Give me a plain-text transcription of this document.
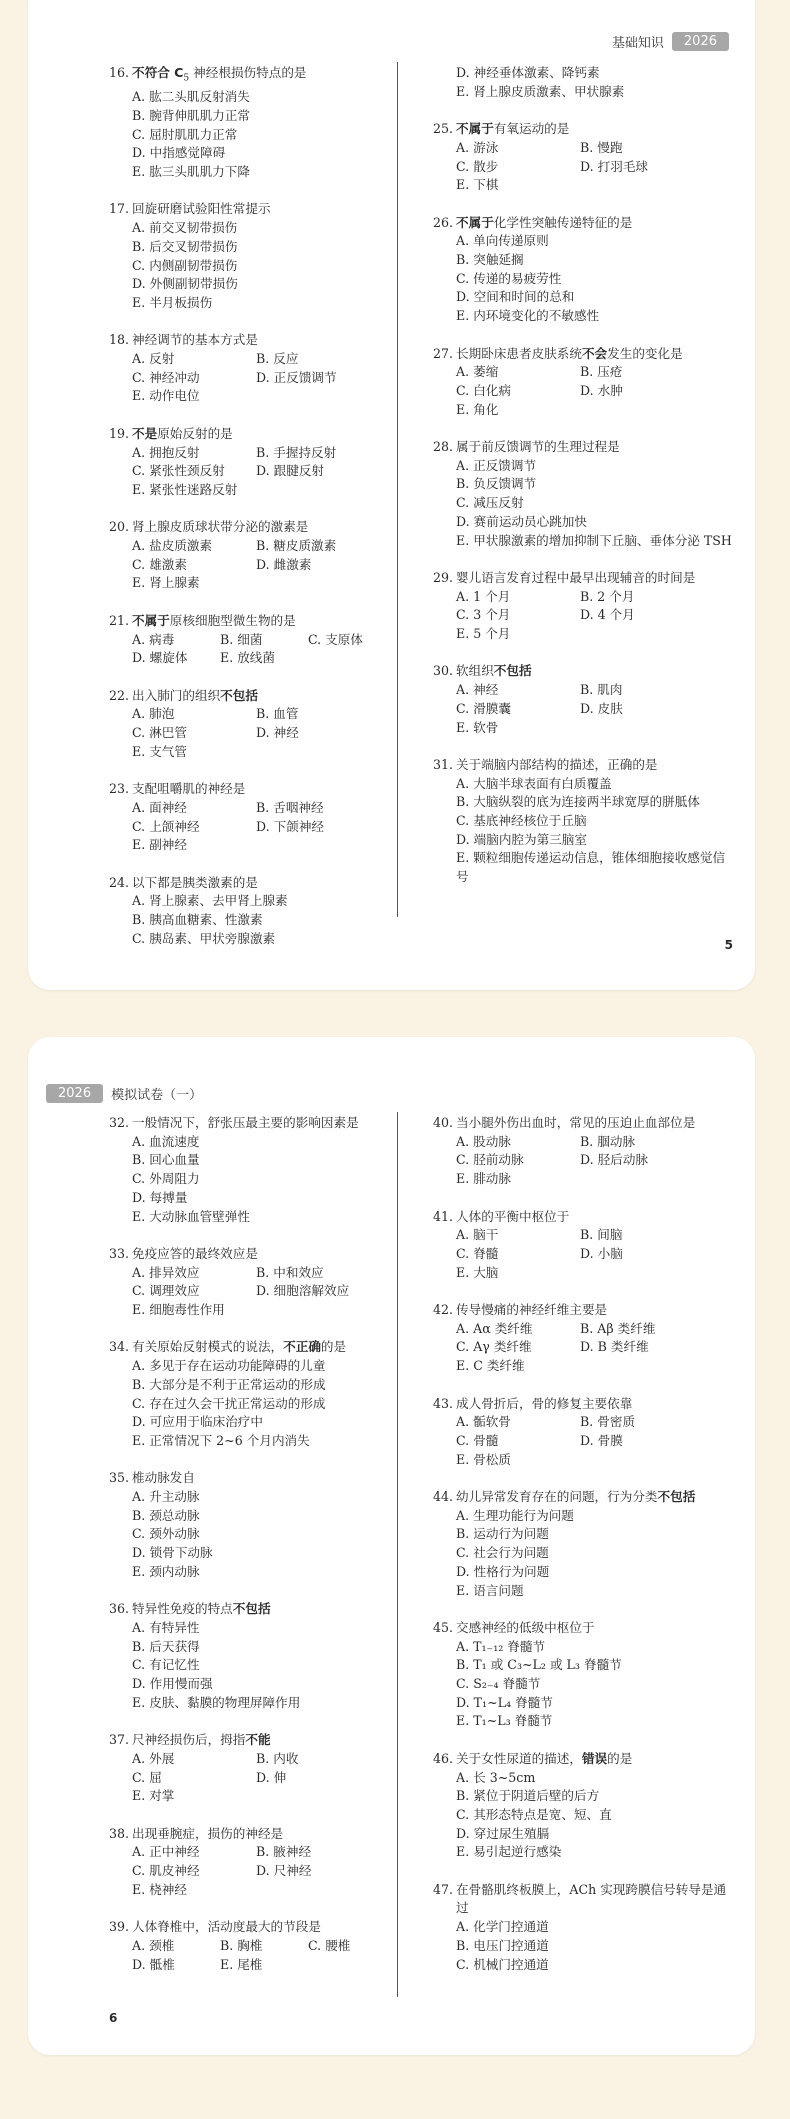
基础知识	2026
16. 不符合 $C_5$ 神经根损伤特点的是
A. 肱二头肌反射消失
B. 腕背伸肌肌力正常
C. 屈肘肌肌力正常
D. 中指感觉障碍
E. 肱三头肌肌力下降
17. 回旋研磨试验阳性常提示
A. 前交叉韧带损伤
B. 后交叉韧带损伤
C. 内侧副韧带损伤
D. 外侧副韧带损伤
E. 半月板损伤
18. 神经调节的基本方式是
A. 反射	B. 反应
C. 神经冲动	D. 正反馈调节
E. 动作电位
19. 不是原始反射的是
A. 拥抱反射	B. 手握持反射
C. 紧张性颈反射	D. 跟腱反射
E. 紧张性迷路反射
20. 肾上腺皮质球状带分泌的激素是
A. 盐皮质激素	B. 糖皮质激素
C. 雄激素	D. 雌激素
E. 肾上腺素
21. 不属于原核细胞型微生物的是
A. 病毒	B. 细菌	C. 支原体
D. 螺旋体	E. 放线菌
22. 出入肺门的组织不包括
A. 肺泡	B. 血管
C. 淋巴管	D. 神经
E. 支气管
23. 支配咀嚼肌的神经是
A. 面神经	B. 舌咽神经
C. 上颌神经	D. 下颌神经
E. 副神经
24. 以下都是胰类激素的是
A. 肾上腺素、去甲肾上腺素
B. 胰高血糖素、性激素
C. 胰岛素、甲状旁腺激素
D. 神经垂体激素、降钙素
E. 肾上腺皮质激素、甲状腺素
25. 不属于有氧运动的是
A. 游泳	B. 慢跑
C. 散步	D. 打羽毛球
E. 下棋
26. 不属于化学性突触传递特征的是
A. 单向传递原则
B. 突触延搁
C. 传递的易疲劳性
D. 空间和时间的总和
E. 内环境变化的不敏感性
27. 长期卧床患者皮肤系统不会发生的变化是
A. 萎缩	B. 压疮
C. 白化病	D. 水肿
E. 角化
28. 属于前反馈调节的生理过程是
A. 正反馈调节
B. 负反馈调节
C. 减压反射
D. 赛前运动员心跳加快
E. 甲状腺激素的增加抑制下丘脑、垂体分泌 TSH
29. 婴儿语言发育过程中最早出现辅音的时间是
A. 1 个月	B. 2 个月
C. 3 个月	D. 4 个月
E. 5 个月
30. 软组织不包括
A. 神经	B. 肌肉
C. 滑膜囊	D. 皮肤
E. 软骨
31. 关于端脑内部结构的描述，正确的是
A. 大脑半球表面有白质覆盖
B. 大脑纵裂的底为连接两半球宽厚的胼胝体
C. 基底神经核位于丘脑
D. 端脑内腔为第三脑室
E. 颗粒细胞传递运动信息，锥体细胞接收感觉信号
5
2026	模拟试卷（一）
32. 一般情况下，舒张压最主要的影响因素是
A. 血流速度
B. 回心血量
C. 外周阻力
D. 每搏量
E. 大动脉血管壁弹性
33. 免疫应答的最终效应是
A. 排异效应	B. 中和效应
C. 调理效应	D. 细胞溶解效应
E. 细胞毒性作用
34. 有关原始反射模式的说法，不正确的是
A. 多见于存在运动功能障碍的儿童
B. 大部分是不利于正常运动的形成
C. 存在过久会干扰正常运动的形成
D. 可应用于临床治疗中
E. 正常情况下 2~6 个月内消失
35. 椎动脉发自
A. 升主动脉
B. 颈总动脉
C. 颈外动脉
D. 锁骨下动脉
E. 颈内动脉
36. 特异性免疫的特点不包括
A. 有特异性
B. 后天获得
C. 有记忆性
D. 作用慢而强
E. 皮肤、黏膜的物理屏障作用
37. 尺神经损伤后，拇指不能
A. 外展	B. 内收
C. 屈	D. 伸
E. 对掌
38. 出现垂腕症，损伤的神经是
A. 正中神经	B. 腋神经
C. 肌皮神经	D. 尺神经
E. 桡神经
39. 人体脊椎中，活动度最大的节段是
A. 颈椎	B. 胸椎	C. 腰椎
D. 骶椎	E. 尾椎
40. 当小腿外伤出血时，常见的压迫止血部位是
A. 股动脉	B. 腘动脉
C. 胫前动脉	D. 胫后动脉
E. 腓动脉
41. 人体的平衡中枢位于
A. 脑干	B. 间脑
C. 脊髓	D. 小脑
E. 大脑
42. 传导慢痛的神经纤维主要是
A. Aα 类纤维	B. Aβ 类纤维
C. Aγ 类纤维	D. B 类纤维
E. C 类纤维
43. 成人骨折后，骨的修复主要依靠
A. 骺软骨	B. 骨密质
C. 骨髓	D. 骨膜
E. 骨松质
44. 幼儿异常发育存在的问题，行为分类不包括
A. 生理功能行为问题
B. 运动行为问题
C. 社会行为问题
D. 性格行为问题
E. 语言问题
45. 交感神经的低级中枢位于
A. T₁₋₁₂ 脊髓节
B. T₁ 或 C₃~L₂ 或 L₃ 脊髓节
C. S₂₋₄ 脊髓节
D. T₁~L₄ 脊髓节
E. T₁~L₃ 脊髓节
46. 关于女性尿道的描述，错误的是
A. 长 3~5cm
B. 紧位于阴道后壁的后方
C. 其形态特点是宽、短、直
D. 穿过尿生殖膈
E. 易引起逆行感染
47. 在骨骼肌终板膜上，ACh 实现跨膜信号转导是通过
A. 化学门控通道
B. 电压门控通道
C. 机械门控通道
6
